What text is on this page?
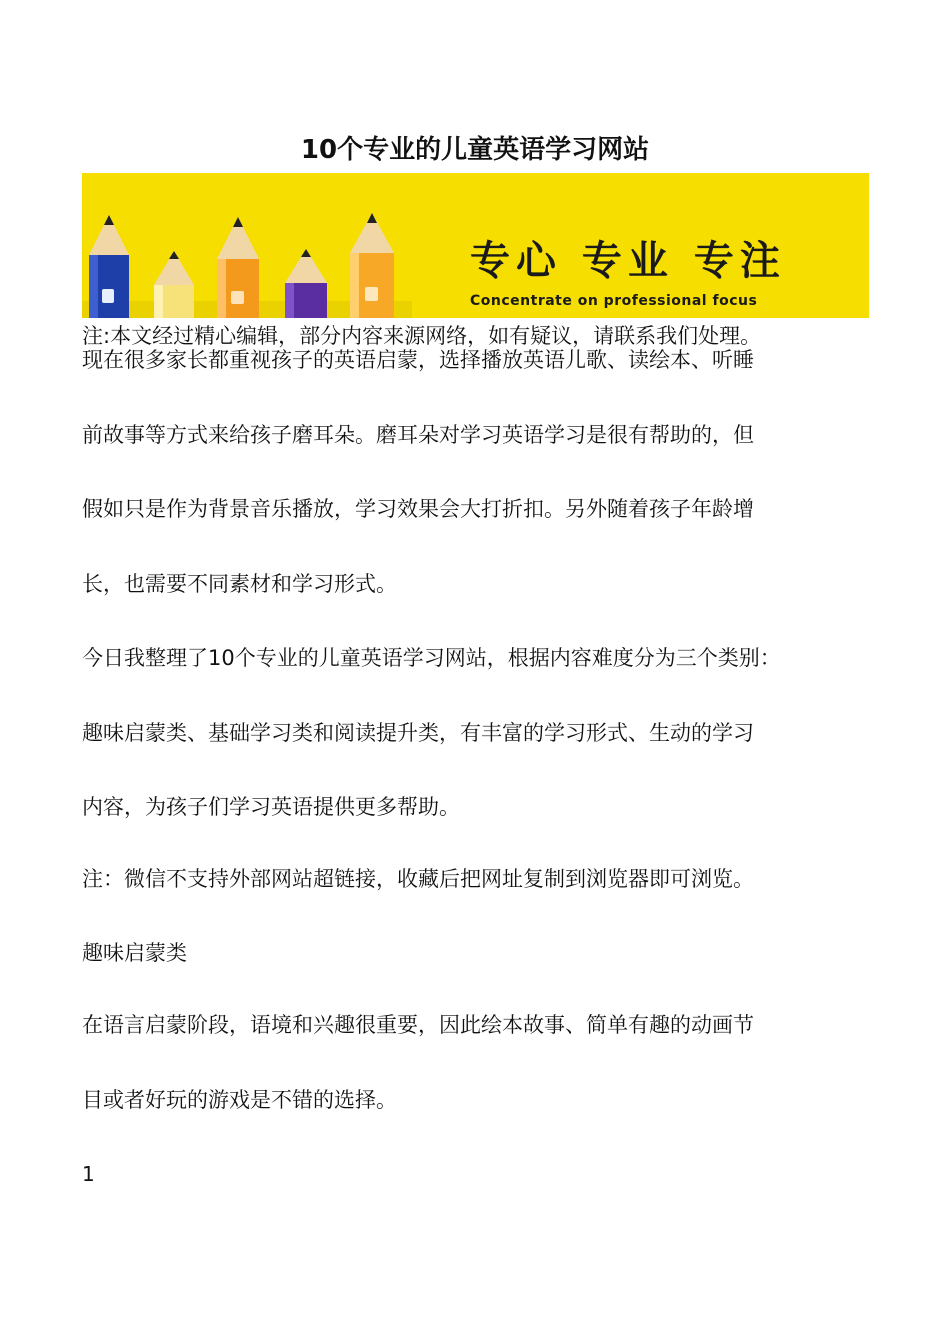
10个专业的儿童英语学习网站
专心 专业 专注
Concentrate on professional focus

注:本文经过精心编辑，部分内容来源网络，如有疑议，请联系我们处理。

现在很多家长都重视孩子的英语启蒙，选择播放英语儿歌、读绘本、听睡
前故事等方式来给孩子磨耳朵。磨耳朵对学习英语学习是很有帮助的，但
假如只是作为背景音乐播放，学习效果会大打折扣。另外随着孩子年龄增
长，也需要不同素材和学习形式。

今日我整理了10个专业的儿童英语学习网站，根据内容难度分为三个类别：
趣味启蒙类、基础学习类和阅读提升类，有丰富的学习形式、生动的学习
内容，为孩子们学习英语提供更多帮助。

注：微信不支持外部网站超链接，收藏后把网址复制到浏览器即可浏览。

趣味启蒙类

在语言启蒙阶段，语境和兴趣很重要，因此绘本故事、简单有趣的动画节
目或者好玩的游戏是不错的选择。

1
